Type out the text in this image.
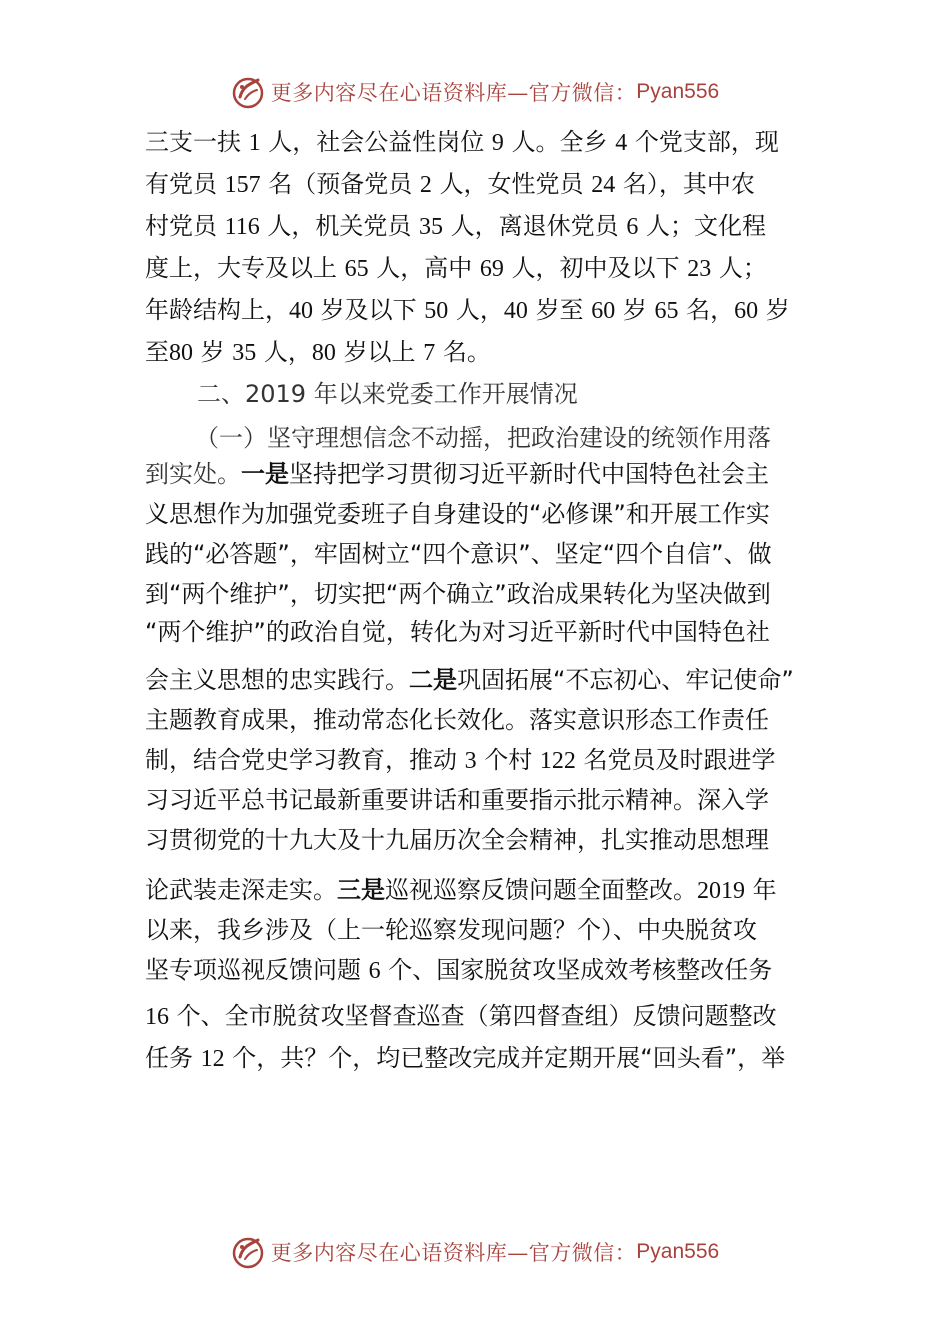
更多内容尽在心语资料库—官方微信： Pyan556
三支一扶 1 人，社会公益性岗位 9 人。全乡 4 个党支部，现
有党员 157 名（预备党员 2 人，女性党员 24 名），其中农
村党员 116 人，机关党员 35 人，离退休党员 6 人；文化程
度上，大专及以上 65 人，高中 69 人，初中及以下 23 人；
年龄结构上，40 岁及以下 50 人，40 岁至 60 岁 65 名，60 岁
至80 岁 35 人，80 岁以上 7 名。
二、2019 年以来党委工作开展情况
（一）坚守理想信念不动摇，把政治建设的统领作用落
到实处。一是坚持把学习贯彻习近平新时代中国特色社会主
义思想作为加强党委班子自身建设的“必修课”和开展工作实
践的“必答题”，牢固树立“四个意识”、坚定“四个自信”、做
到“两个维护”，切实把“两个确立”政治成果转化为坚决做到
“两个维护”的政治自觉，转化为对习近平新时代中国特色社
会主义思想的忠实践行。二是巩固拓展“不忘初心、牢记使命”
主题教育成果，推动常态化长效化。落实意识形态工作责任
制，结合党史学习教育，推动 3 个村 122 名党员及时跟进学
习习近平总书记最新重要讲话和重要指示批示精神。深入学
习贯彻党的十九大及十九届历次全会精神，扎实推动思想理
论武装走深走实。三是巡视巡察反馈问题全面整改。2019 年
以来，我乡涉及（上一轮巡察发现问题？个）、中央脱贫攻
坚专项巡视反馈问题 6 个、国家脱贫攻坚成效考核整改任务
16 个、全市脱贫攻坚督查巡查（第四督查组）反馈问题整改
任务 12 个，共？个，均已整改完成并定期开展“回头看”，举
更多内容尽在心语资料库—官方微信： Pyan556
